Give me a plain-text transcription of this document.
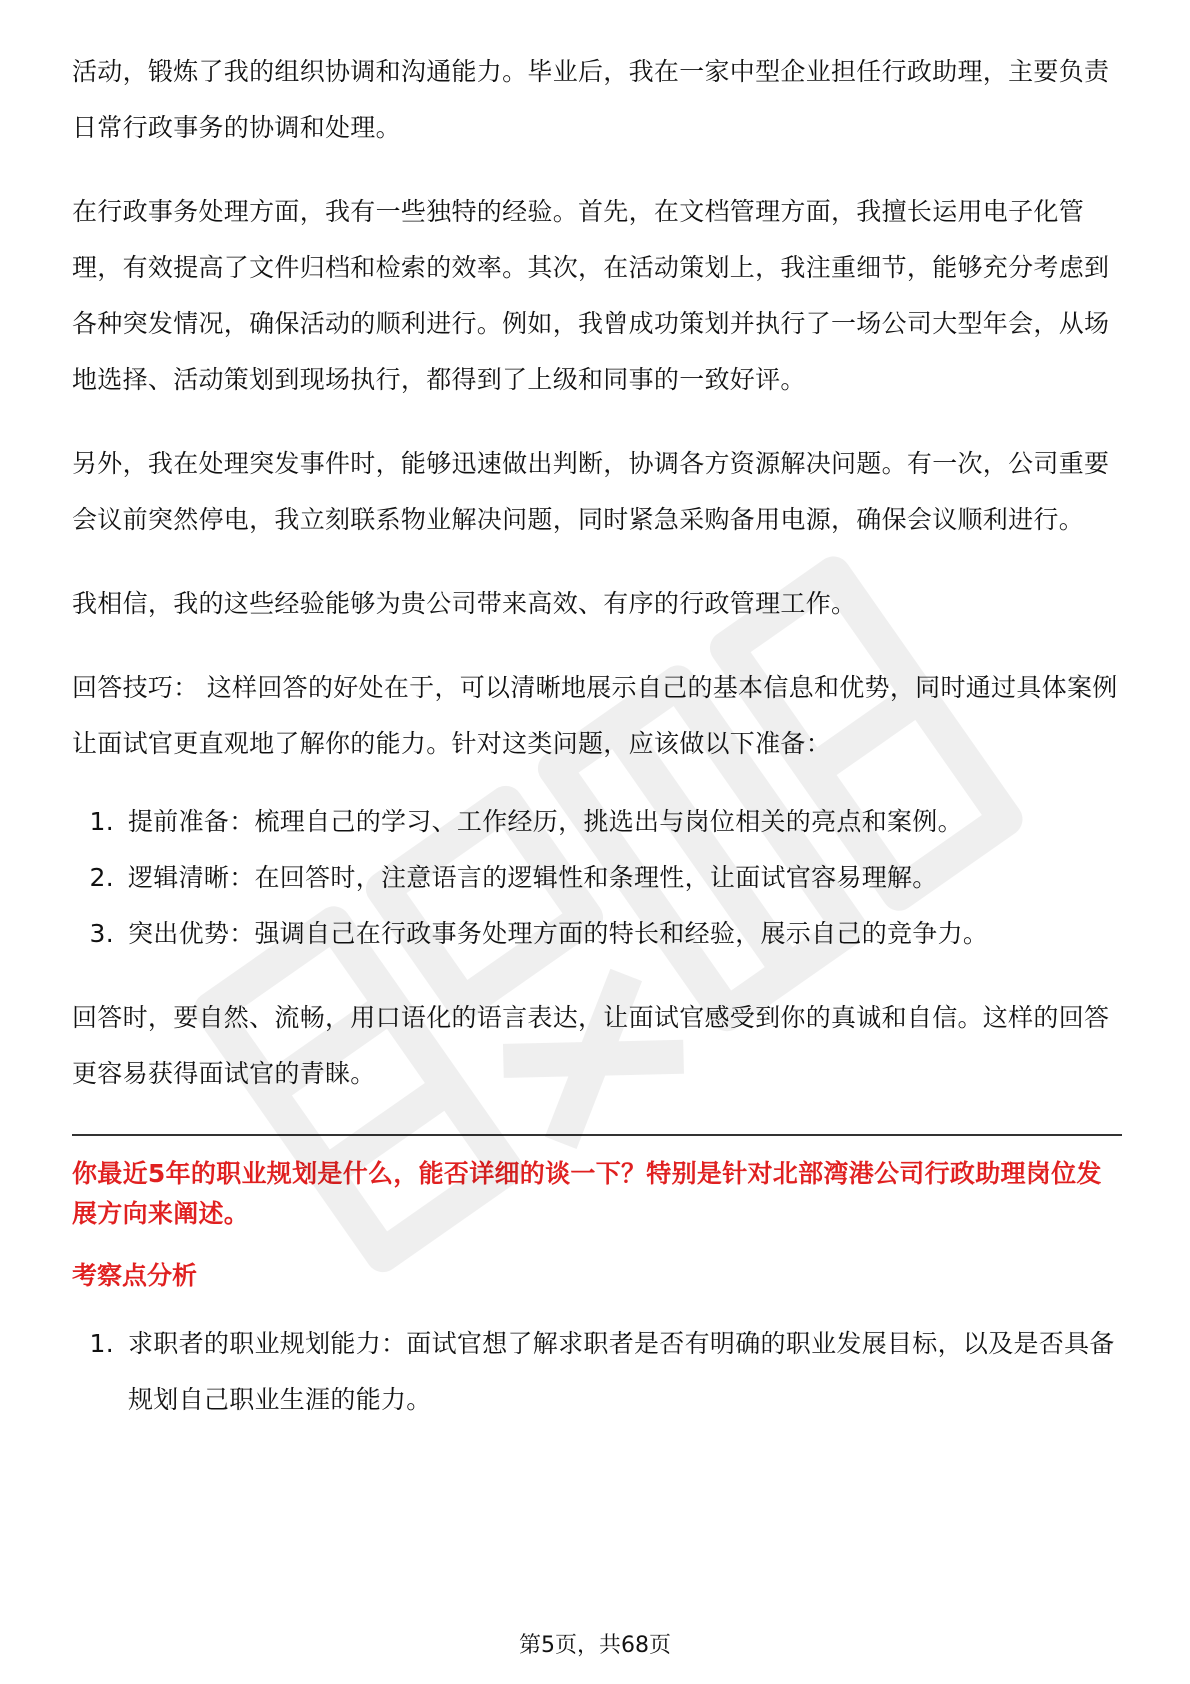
活动，锻炼了我的组织协调和沟通能力。毕业后，我在一家中型企业担任行政助理，主要负责日常行政事务的协调和处理。

在行政事务处理方面，我有一些独特的经验。首先，在文档管理方面，我擅长运用电子化管理，有效提高了文件归档和检索的效率。其次，在活动策划上，我注重细节，能够充分考虑到各种突发情况，确保活动的顺利进行。例如，我曾成功策划并执行了一场公司大型年会，从场地选择、活动策划到现场执行，都得到了上级和同事的一致好评。

另外，我在处理突发事件时，能够迅速做出判断，协调各方资源解决问题。有一次，公司重要会议前突然停电，我立刻联系物业解决问题，同时紧急采购备用电源，确保会议顺利进行。

我相信，我的这些经验能够为贵公司带来高效、有序的行政管理工作。

回答技巧： 这样回答的好处在于，可以清晰地展示自己的基本信息和优势，同时通过具体案例让面试官更直观地了解你的能力。针对这类问题，应该做以下准备：

1. 提前准备：梳理自己的学习、工作经历，挑选出与岗位相关的亮点和案例。
2. 逻辑清晰：在回答时，注意语言的逻辑性和条理性，让面试官容易理解。
3. 突出优势：强调自己在行政事务处理方面的特长和经验，展示自己的竞争力。

回答时，要自然、流畅，用口语化的语言表达，让面试官感受到你的真诚和自信。这样的回答更容易获得面试官的青睐。

你最近5年的职业规划是什么，能否详细的谈一下？特别是针对北部湾港公司行政助理岗位发展方向来阐述。

考察点分析

1. 求职者的职业规划能力：面试官想了解求职者是否有明确的职业发展目标，以及是否具备规划自己职业生涯的能力。
第5页，共68页
